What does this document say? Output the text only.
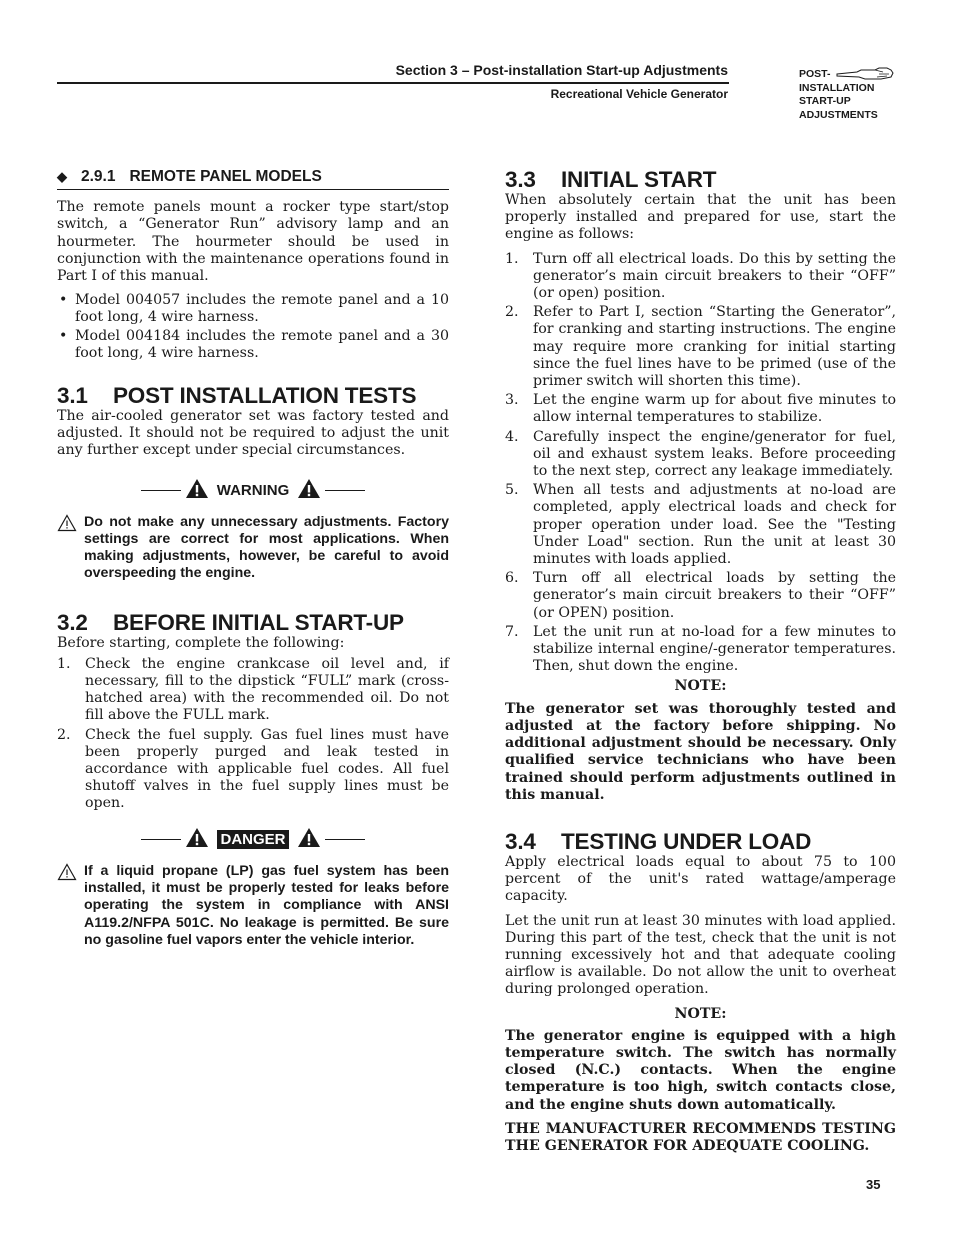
Section 3 – Post-installation Start-up Adjustments
Recreational Vehicle Generator
POST-
INSTALLATION
START-UP
ADJUSTMENTS
◆ 2.9.1 REMOTE PANEL MODELS

The remote panels mount a rocker type start/stop switch, a “Generator Run” advisory lamp and an hourmeter. The hourmeter should be used in conjunction with the maintenance operations found in Part I of this manual.

• Model 004057 includes the remote panel and a 10 foot long, 4 wire harness.
• Model 004184 includes the remote panel and a 30 foot long, 4 wire harness.
3.1 POST INSTALLATION TESTS

The air-cooled generator set was factory tested and adjusted. It should not be required to adjust the unit any further except under special circumstances.

WARNING

Do not make any unnecessary adjustments. Factory settings are correct for most applications. When making adjustments, however, be careful to avoid overspeeding the engine.

3.2 BEFORE INITIAL START-UP

Before starting, complete the following:

1. Check the engine crankcase oil level and, if necessary, fill to the dipstick “FULL” mark (cross-hatched area) with the recommended oil. Do not fill above the FULL mark.
2. Check the fuel supply. Gas fuel lines must have been properly purged and leak tested in accordance with applicable fuel codes. All fuel shutoff valves in the fuel supply lines must be open.
DANGER

If a liquid propane (LP) gas fuel system has been installed, it must be properly tested for leaks before operating the system in compliance with ANSI A119.2/NFPA 501C. No leakage is permitted. Be sure no gasoline fuel vapors enter the vehicle interior.

3.3 INITIAL START

When absolutely certain that the unit has been properly installed and prepared for use, start the engine as follows:

1. Turn off all electrical loads. Do this by setting the generator’s main circuit breakers to their “OFF” (or open) position.
2. Refer to Part I, section “Starting the Generator”, for cranking and starting instructions. The engine may require more cranking for initial starting since the fuel lines have to be primed (use of the primer switch will shorten this time).
3. Let the engine warm up for about five minutes to allow internal temperatures to stabilize.
4. Carefully inspect the engine/generator for fuel, oil and exhaust system leaks. Before proceeding to the next step, correct any leakage immediately.
5. When all tests and adjustments at no-load are completed, apply electrical loads and check for proper operation under load. See the "Testing Under Load" section. Run the unit at least 30 minutes with loads applied.
6. Turn off all electrical loads by setting the generator’s main circuit breakers to their “OFF” (or OPEN) position.
7. Let the unit run at no-load for a few minutes to stabilize internal engine/-generator temperatures. Then, shut down the engine.

NOTE:

The generator set was thoroughly tested and adjusted at the factory before shipping. No additional adjustment should be necessary. Only qualified service technicians who have been trained should perform adjustments outlined in this manual.

3.4 TESTING UNDER LOAD

Apply electrical loads equal to about 75 to 100 percent of the unit's rated wattage/amperage capacity.

Let the unit run at least 30 minutes with load applied. During this part of the test, check that the unit is not running excessively hot and that adequate cooling airflow is available. Do not allow the unit to overheat during prolonged operation.

NOTE:

The generator engine is equipped with a high temperature switch. The switch has normally closed (N.C.) contacts. When the engine temperature is too high, switch contacts close, and the engine shuts down automatically.

THE MANUFACTURER RECOMMENDS TESTING THE GENERATOR FOR ADEQUATE COOLING.

35
